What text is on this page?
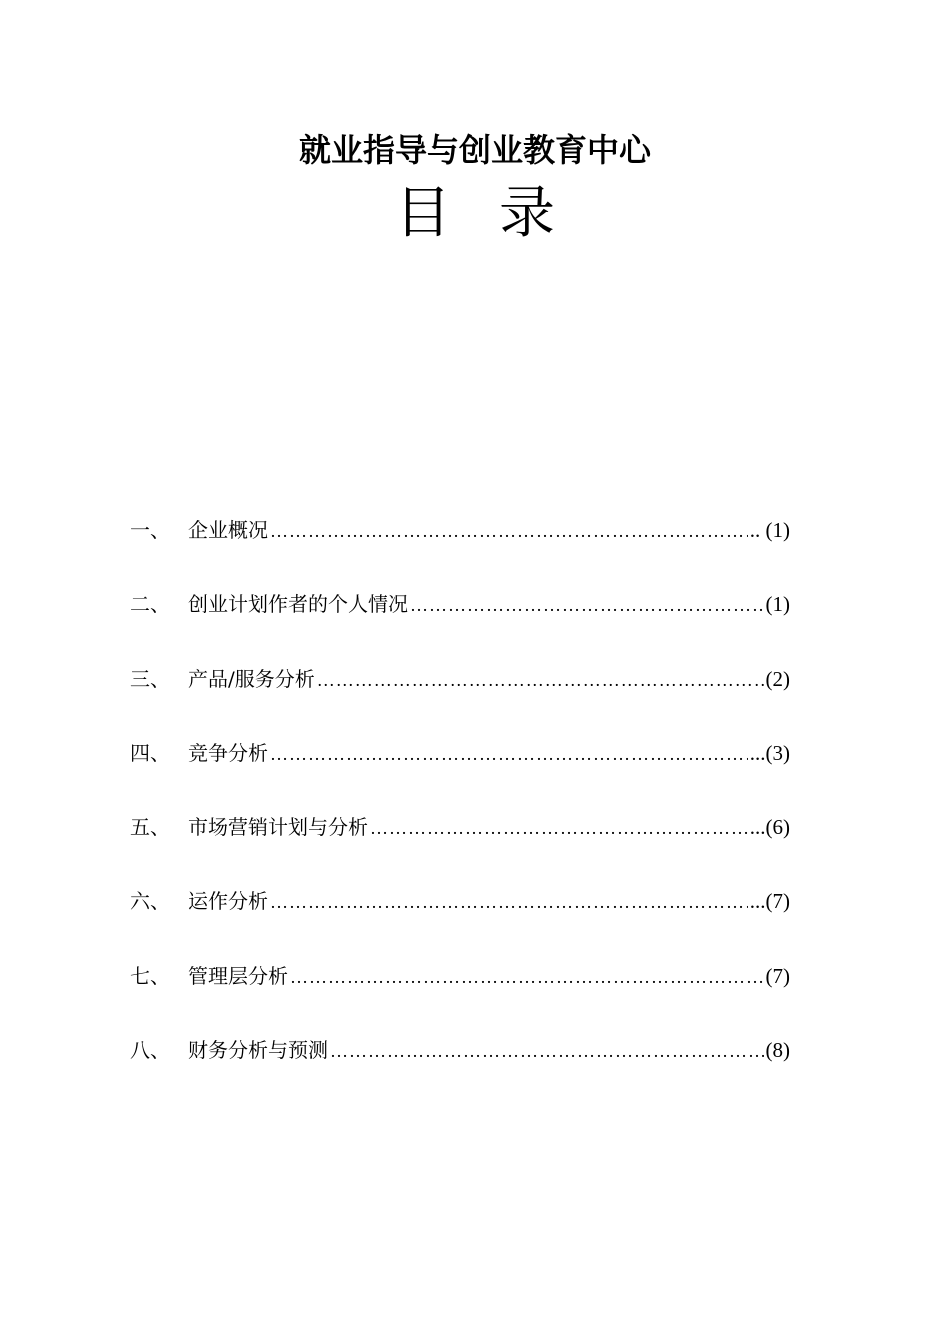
就业指导与创业教育中心
目 录
一、 企业概况 …………………………………………………………………………………………………………………………………	.. (1)
二、 创业计划作者的个人情况 …………………………………………………………………………………………………………………………………	(1)
三、 产品/服务分析 …………………………………………………………………………………………………………………………………	(2)
四、 竞争分析 …………………………………………………………………………………………………………………………………	...(3)
五、 市场营销计划与分析 …………………………………………………………………………………………………………………………………	...(6)
六、 运作分析 …………………………………………………………………………………………………………………………………	...(7)
七、 管理层分析 …………………………………………………………………………………………………………………………………	(7)
八、 财务分析与预测 …………………………………………………………………………………………………………………………………	(8)
